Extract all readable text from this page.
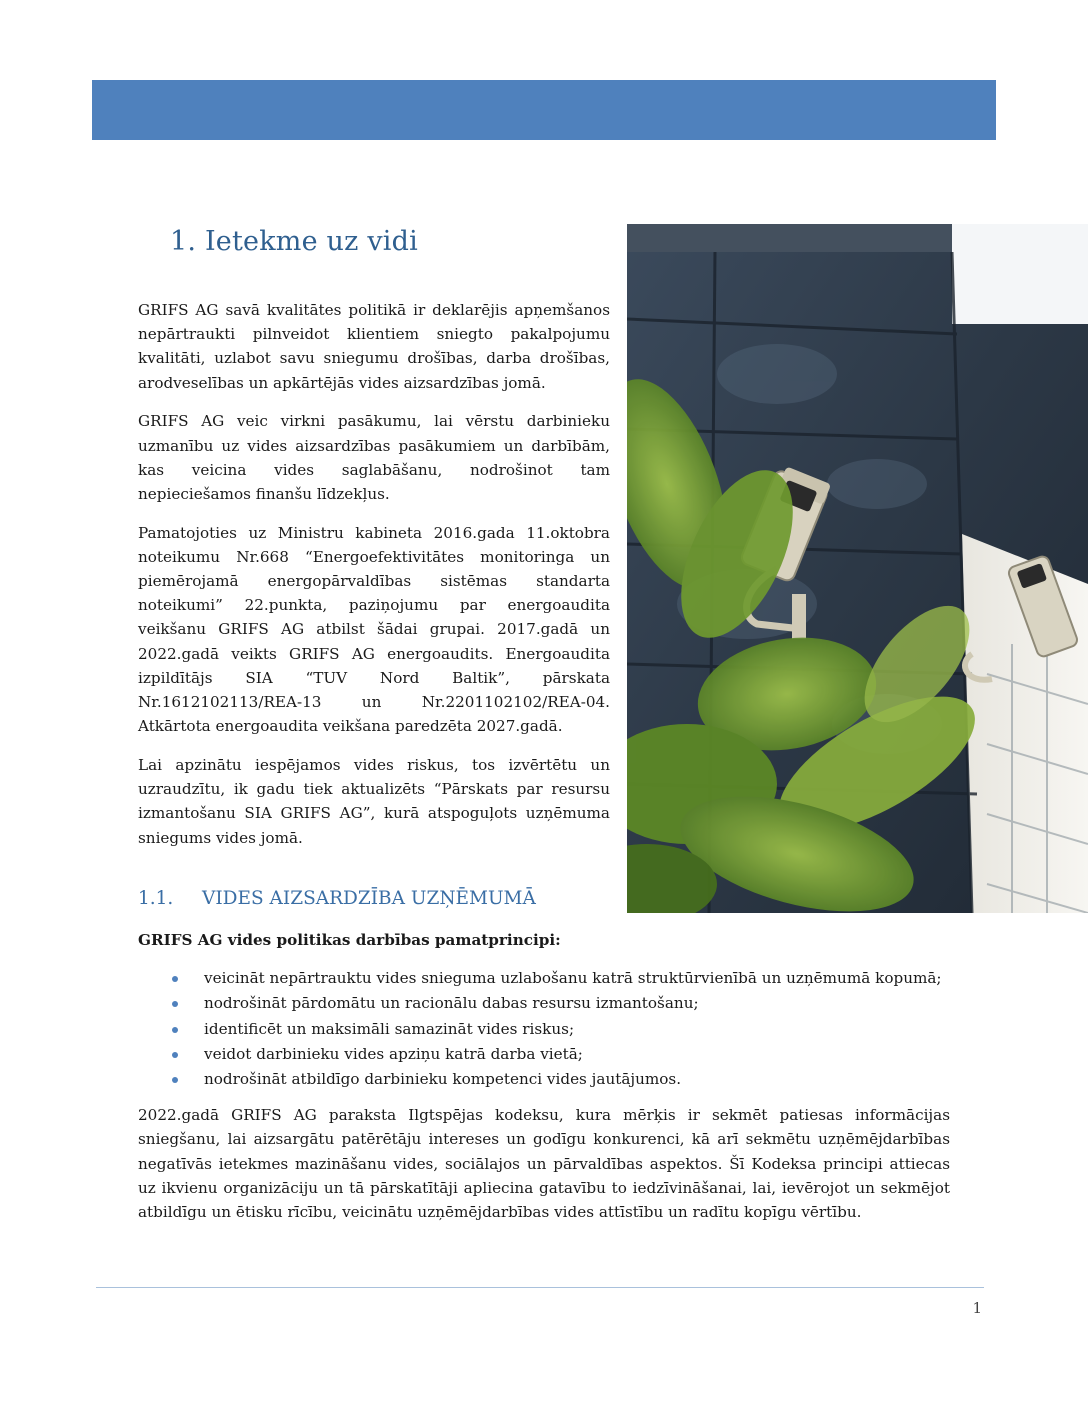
1. Ietekme uz vidi

GRIFS AG savā kvalitātes politikā ir deklarējis apņemšanos nepārtraukti pilnveidot klientiem sniegto pakalpojumu kvalitāti, uzlabot savu sniegumu drošības, darba drošības, arodveselības un apkārtējās vides aizsardzības jomā.

GRIFS AG veic virkni pasākumu, lai vērstu darbinieku uzmanību uz vides aizsardzības pasākumiem un darbībām, kas veicina vides saglabāšanu, nodrošinot tam nepieciešamos finanšu līdzekļus.

Pamatojoties uz Ministru kabineta 2016.gada 11.oktobra noteikumu Nr.668 “Energoefektivitātes monitoringa un piemērojamā energopārvaldības sistēmas standarta noteikumi” 22.punkta, paziņojumu par energoaudita veikšanu GRIFS AG atbilst šādai grupai. 2017.gadā un 2022.gadā veikts GRIFS AG energoaudits. Energoaudita izpildītājs SIA “TUV Nord Baltik”, pārskata Nr.1612102113/REA-13 un Nr.2201102102/REA-04. Atkārtota energoaudita veikšana paredzēta 2027.gadā.

Lai apzinātu iespējamos vides riskus, tos izvērtētu un uzraudzītu, ik gadu tiek aktualizēts “Pārskats par resursu izmantošanu SIA GRIFS AG”, kurā atspoguļots uzņēmuma sniegums vides jomā.

1.1. VIDES AIZSARDZĪBA UZŅĒMUMĀ

GRIFS AG vides politikas darbības pamatprincipi:

veicināt nepārtrauktu vides snieguma uzlabošanu katrā struktūrvienībā un uzņēmumā kopumā;
nodrošināt pārdomātu un racionālu dabas resursu izmantošanu;
identificēt un maksimāli samazināt vides riskus;
veidot darbinieku vides apziņu katrā darba vietā;
nodrošināt atbildīgo darbinieku kompetenci vides jautājumos.

2022.gadā GRIFS AG paraksta Ilgtspējas kodeksu, kura mērķis ir sekmēt patiesas informācijas sniegšanu, lai aizsargātu patērētāju intereses un godīgu konkurenci, kā arī sekmētu uzņēmējdarbības negatīvās ietekmes mazināšanu vides, sociālajos un pārvaldības aspektos. Šī Kodeksa principi attiecas uz ikvienu organizāciju un tā pārskatītāji apliecina gatavību to iedzīvināšanai, lai, ievērojot un sekmējot atbildīgu un ētisku rīcību, veicinātu uzņēmējdarbības vides attīstību un radītu kopīgu vērtību.

1
